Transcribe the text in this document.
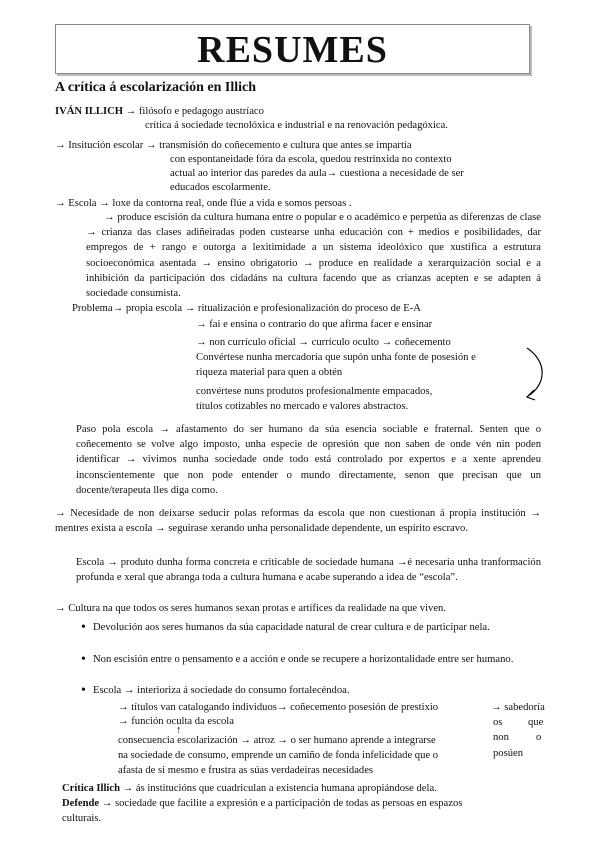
RESUMES
A crítica á escolarización en Illich
IVÁN ILLICH → filósofo e pedagogo austríaco
crítica á sociedade tecnolóxica e industrial e na renovación pedagóxica.
→ Insitución escolar → transmisión do coñecemento e cultura que antes se impartía
con espontaneidade fóra da escola, quedou restrinxida no contexto
actual ao interior das paredes da aula→ cuestiona a necesidade de ser
educados escolarmente.
→ Escola → loxe da contorna real, onde flúe a vida e somos persoas .
→ produce escisión da cultura humana entre o popular e o académico e perpetúa as diferenzas de clase → crianza das clases adiñeiradas poden custearse unha educación con + medios e posibilidades, dar empregos de + rango e outorga a lexitimidade a un sistema ideolóxico que xustifica a estrutura socioeconómica asentada → ensino obrigatorio → produce en realidade a xerarquización social e a inhibición da participación dos cidadáns na cultura facendo que as crianzas acepten e se adapten á sociedade consumista.
Problema→ propia escola → ritualización e profesionalización do proceso de E-A
→ fai e ensina o contrario do que afirma facer e ensinar
→ non currículo oficial → currículo oculto → coñecemento
Convértese nunha mercadoría que supón unha fonte de posesión e
riqueza material para quen a obtén
convértese nuns produtos profesionalmente empacados,
títulos cotizables no mercado e valores abstractos.
Paso pola escola → afastamento do ser humano da súa esencia sociable e fraternal. Senten que o coñecemento se volve algo imposto, unha especie de opresión que non saben de onde vén nin poden identificar → vivimos nunha sociedade onde todo está controlado por expertos e a xente aprendeu inconscientemente que non pode entender o mundo directamente, senon que precisan que un docente/terapeuta lles diga como.
→ Necesidade de non deixarse seducir polas reformas da escola que non cuestionan á propia institución → mentres exista a escola → seguirase xerando unha personalidade dependente, un espírito escravo.
Escola → produto dunha forma concreta e criticable de sociedade humana →é necesaria unha tranformación profunda e xeral que abranga toda a cultura humana e acabe superando a idea de “escola”.
→ Cultura na que todos os seres humanos sexan protas e artífices da realidade na que viven.
• Devolución aos seres humanos da súa capacidade natural de crear cultura e de participar nela.
• Non escisión entre o pensamento e a acción e onde se recupere a horizontalidade entre ser humano.
• Escola → interioriza á sociedade do consumo fortalecéndoa.
→ títulos van catalogando individuos→ coñecemento posesión de prestixio
→ función oculta da escola
↑
→ sabedoría
os que
non	o
posúen
consecuencia escolarización → atroz → o ser humano aprende a integrarse
na sociedade de consumo, emprende un camiño de fonda infelicidade que o
afasta de si mesmo e frustra as súas verdadeiras necesidades
Crítica Illich → ás institucións que cuadriculan a existencia humana apropiándose dela.
Defende → sociedade que facilite a expresión e a participación de todas as persoas en espazos
culturais.
